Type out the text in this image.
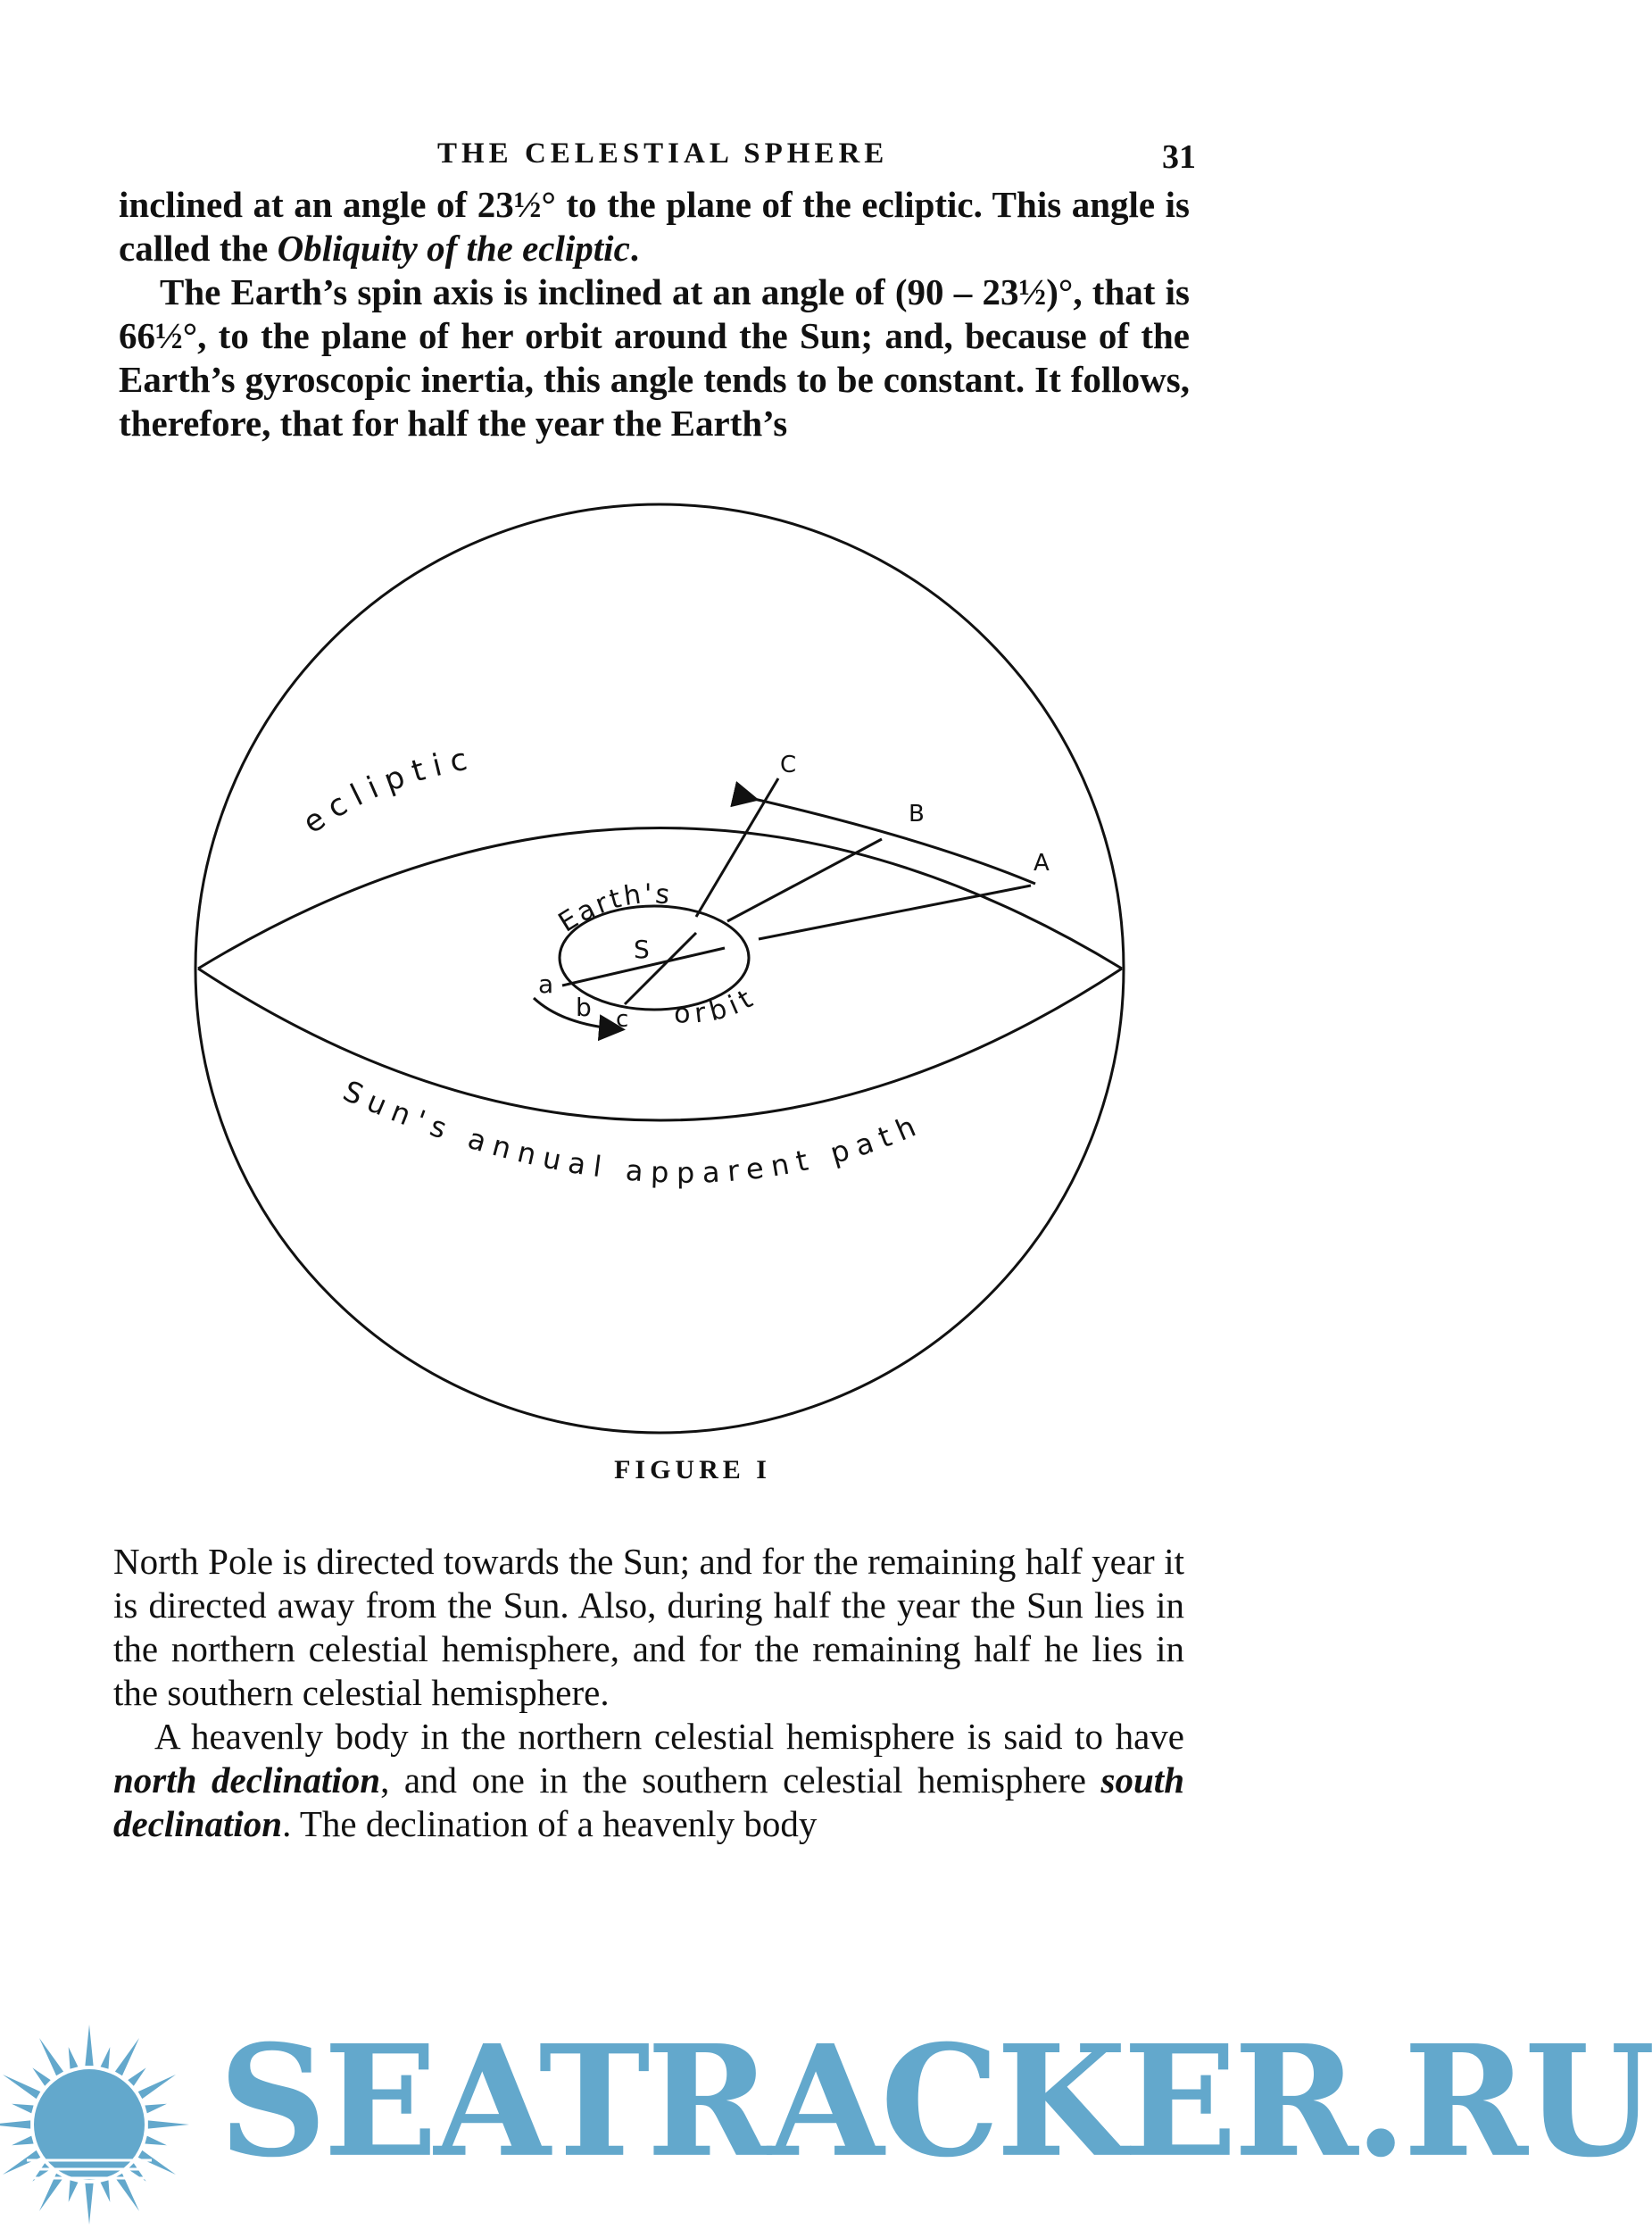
THE CELESTIAL SPHERE	31

inclined at an angle of 23½° to the plane of the ecliptic. This angle is called the Obliquity of the ecliptic.

The Earth’s spin axis is inclined at an angle of (90 – 23½)°, that is 66½°, to the plane of her orbit around the Sun; and, because of the Earth’s gyroscopic inertia, this angle tends to be constant. It follows, therefore, that for half the year the Earth’s

ecliptic
Earth's
orbit
S
C
B
A
a
b c
Sun's annual apparent path
FIGURE I

North Pole is directed towards the Sun; and for the remaining half year it is directed away from the Sun. Also, during half the year the Sun lies in the northern celestial hemisphere, and for the remaining half he lies in the southern celestial hemisphere.

A heavenly body in the northern celestial hemisphere is said to have north declination, and one in the southern celestial hemisphere south declination. The declination of a heavenly body

SEATRACKER.RU
